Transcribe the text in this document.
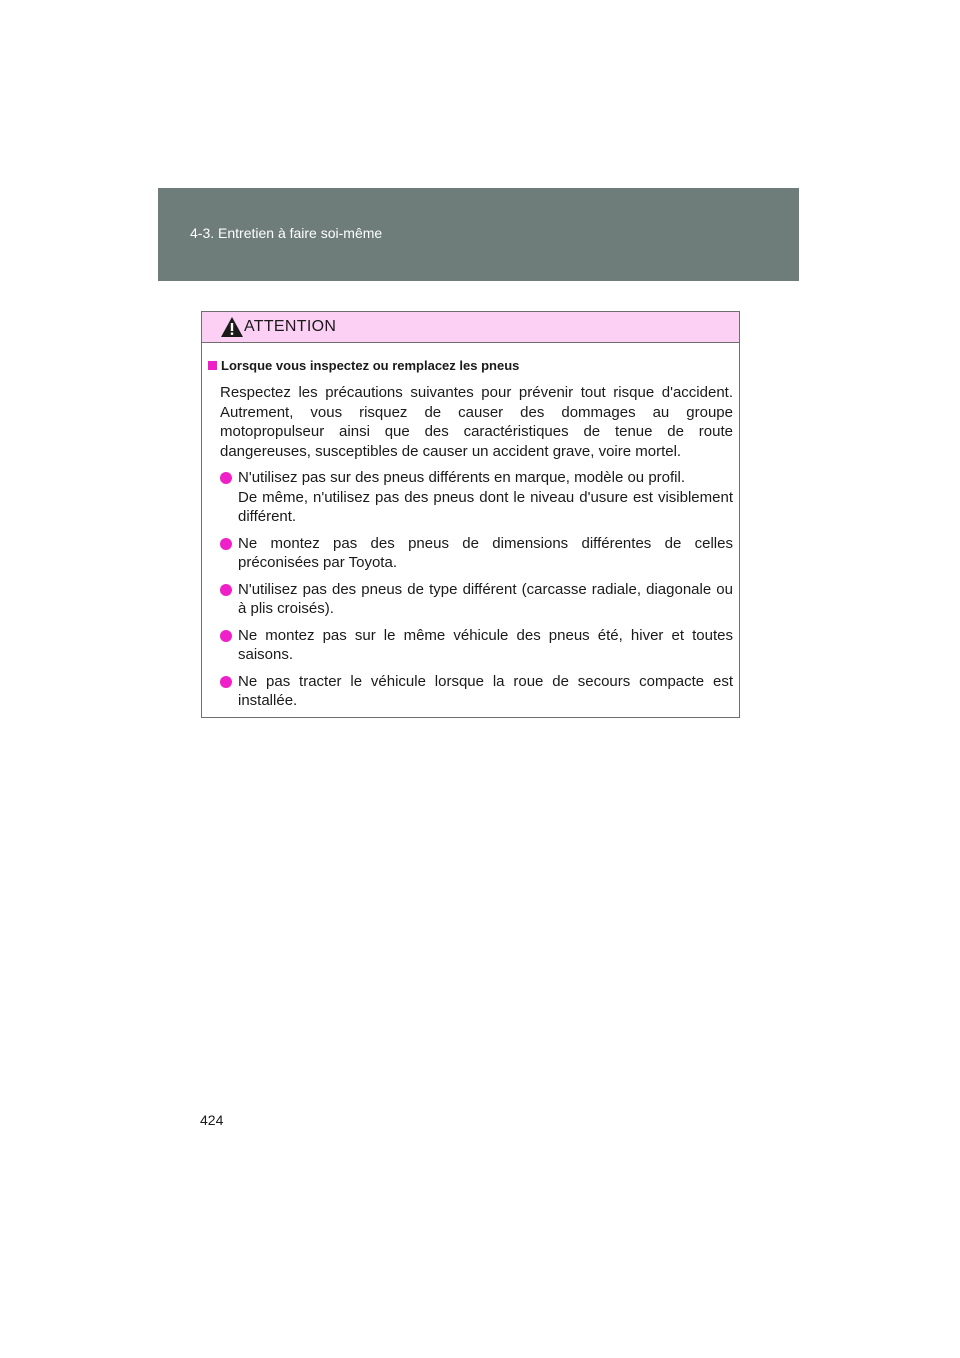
4-3. Entretien à faire soi-même
ATTENTION
Lorsque vous inspectez ou remplacez les pneus

Respectez les précautions suivantes pour prévenir tout risque d'accident. Autrement, vous risquez de causer des dommages au groupe motopropulseur ainsi que des caractéristiques de tenue de route dangereuses, susceptibles de causer un accident grave, voire mortel.

N'utilisez pas sur des pneus différents en marque, modèle ou profil.
De même, n'utilisez pas des pneus dont le niveau d'usure est visiblement différent.
Ne montez pas des pneus de dimensions différentes de celles préconisées par Toyota.
N'utilisez pas des pneus de type différent (carcasse radiale, diagonale ou à plis croisés).
Ne montez pas sur le même véhicule des pneus été, hiver et toutes saisons.
Ne pas tracter le véhicule lorsque la roue de secours compacte est installée.
424
